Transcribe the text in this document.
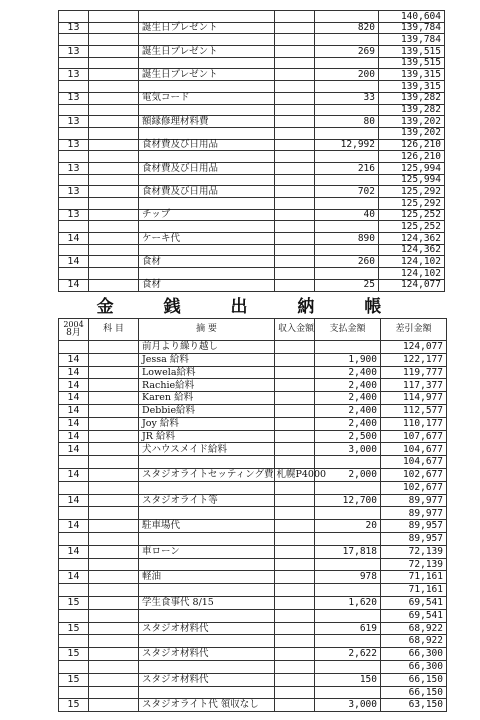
					140,604
13		誕生日プレゼント		820	139,784
					139,784
13		誕生日プレゼント		269	139,515
					139,515
13		誕生日プレゼント		200	139,315
					139,315
13		電気コード		33	139,282
					139,282
13		額縁修理材料費		80	139,202
					139,202
13		食材費及び日用品		12,992	126,210
					126,210
13		食材費及び日用品		216	125,994
					125,994
13		食材費及び日用品		702	125,292
					125,292
13		チップ		40	125,252
					125,252
14		ケーキ代		890	124,362
					124,362
14		食材		260	124,102
					124,102
14		食材		25	124,077
金 銭 出 納 帳
2004
8月	科 目	摘 要	収入金額	支払金額	差引金額
		前月より繰り越し			124,077
14		Jessa 給料		1,900	122,177
14		Lowela給料		2,400	119,777
14		Rachie給料		2,400	117,377
14		Karen 給料		2,400	114,977
14		Debbie給料		2,400	112,577
14		Joy 給料		2,400	110,177
14		JR 給料		2,500	107,677
14		犬ハウスメイド給料		3,000	104,677
					104,677
14		スタジオライトセッティング費 札幌P4000		2,000	102,677
					102,677
14		スタジオライト等		12,700	89,977
					89,977
14		駐車場代		20	89,957
					89,957
14		車ローン		17,818	72,139
					72,139
14		軽油		978	71,161
					71,161
15		学生食事代 8/15		1,620	69,541
					69,541
15		スタジオ材料代		619	68,922
					68,922
15		スタジオ材料代		2,622	66,300
					66,300
15		スタジオ材料代		150	66,150
					66,150
15		スタジオライト代 領収なし		3,000	63,150
